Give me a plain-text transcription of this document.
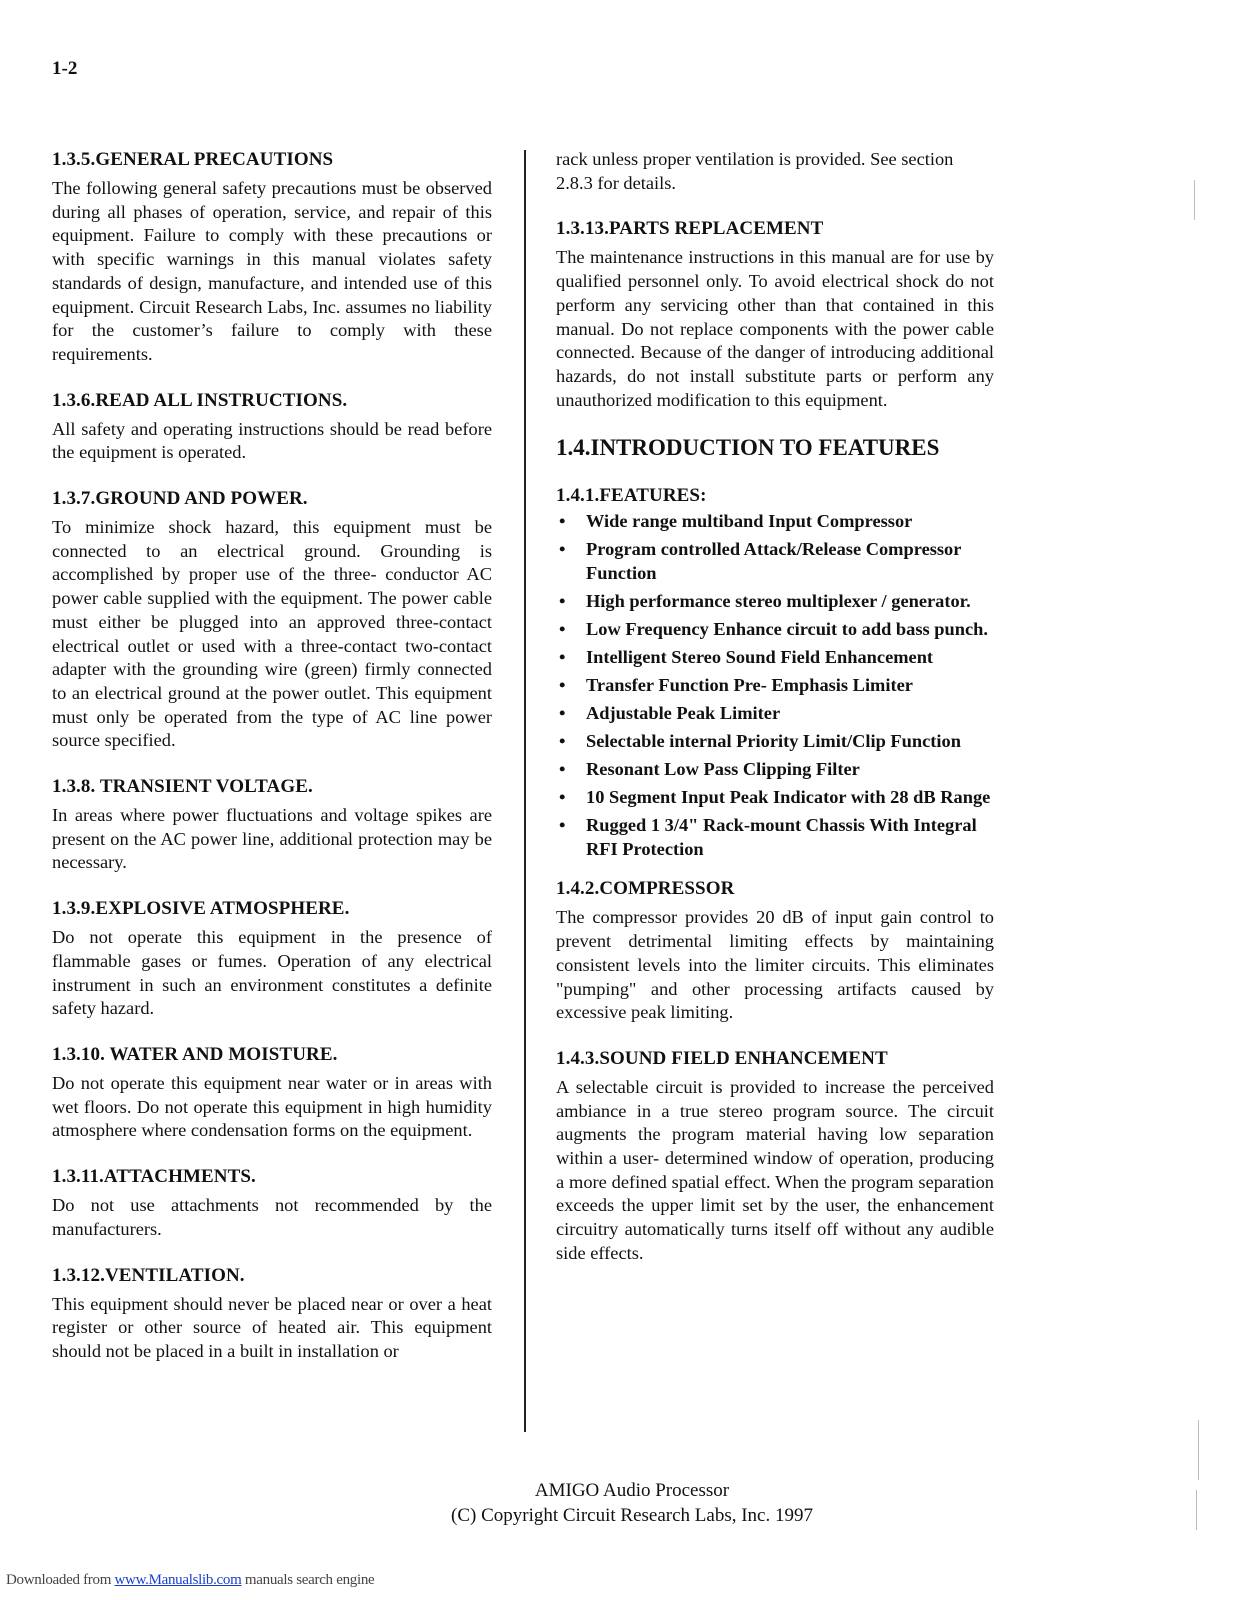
1-2
1.3.5.GENERAL PRECAUTIONS

The following general safety precautions must be observed during all phases of operation, service, and repair of this equipment. Failure to comply with these precautions or with specific warnings in this manual violates safety standards of design, manufacture, and intended use of this equipment. Circuit Research Labs, Inc. assumes no liability for the customer’s failure to comply with these requirements.

1.3.6.READ ALL INSTRUCTIONS.

All safety and operating instructions should be read before the equipment is operated.

1.3.7.GROUND AND POWER.

To minimize shock hazard, this equipment must be connected to an electrical ground. Grounding is accomplished by proper use of the three- conductor AC power cable supplied with the equipment. The power cable must either be plugged into an approved three-contact electrical outlet or used with a three-contact two-contact adapter with the grounding wire (green) firmly connected to an electrical ground at the power outlet. This equipment must only be operated from the type of AC line power source specified.

1.3.8. TRANSIENT VOLTAGE.

In areas where power fluctuations and voltage spikes are present on the AC power line, additional protection may be necessary.

1.3.9.EXPLOSIVE ATMOSPHERE.

Do not operate this equipment in the presence of flammable gases or fumes. Operation of any electrical instrument in such an environment constitutes a definite safety hazard.

1.3.10. WATER AND MOISTURE.

Do not operate this equipment near water or in areas with wet floors. Do not operate this equipment in high humidity atmosphere where condensation forms on the equipment.

1.3.11.ATTACHMENTS.

Do not use attachments not recommended by the manufacturers.

1.3.12.VENTILATION.

This equipment should never be placed near or over a heat register or other source of heated air. This equipment should not be placed in a built in installation or

rack unless proper ventilation is provided. See section 2.8.3 for details.

1.3.13.PARTS REPLACEMENT

The maintenance instructions in this manual are for use by qualified personnel only. To avoid electrical shock do not perform any servicing other than that contained in this manual. Do not replace components with the power cable connected. Because of the danger of introducing additional hazards, do not install substitute parts or perform any unauthorized modification to this equipment.

1.4.INTRODUCTION TO FEATURES
1.4.1.FEATURES:
• Wide range multiband Input Compressor
• Program controlled Attack/Release Compressor Function
• High performance stereo multiplexer / generator.
• Low Frequency Enhance circuit to add bass punch.
• Intelligent Stereo Sound Field Enhancement
• Transfer Function Pre- Emphasis Limiter
• Adjustable Peak Limiter
• Selectable internal Priority Limit/Clip Function
• Resonant Low Pass Clipping Filter
• 10 Segment Input Peak Indicator with 28 dB Range
• Rugged 1 3/4" Rack-mount Chassis With Integral RFI Protection
1.4.2.COMPRESSOR

The compressor provides 20 dB of input gain control to prevent detrimental limiting effects by maintaining consistent levels into the limiter circuits. This eliminates "pumping" and other processing artifacts caused by excessive peak limiting.

1.4.3.SOUND FIELD ENHANCEMENT

A selectable circuit is provided to increase the perceived ambiance in a true stereo program source. The circuit augments the program material having low separation within a user- determined window of operation, producing a more defined spatial effect. When the program separation exceeds the upper limit set by the user, the enhancement circuitry automatically turns itself off without any audible side effects.

AMIGO Audio Processor
(C) Copyright Circuit Research Labs, Inc. 1997
Downloaded from www.Manualslib.com manuals search engine
